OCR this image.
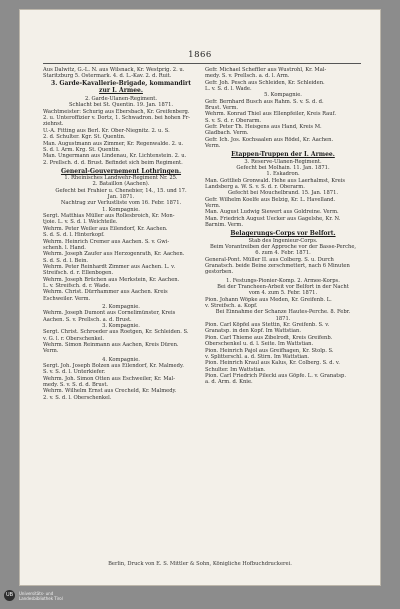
1866

Aus Dalwitz, G.-L. N. aus Wilsnack, Kr. Westprig. 2. u.

Staritzburg 5. Ostermark. 4. d. L.-Kav. 2. d. Ruit.

3. Garde-Kavallerie-Brigade, kommandirt

zur I. Armee.

2. Garde-Ulanen-Regiment.

Schlacht bei St. Quentin. 19. Jan. 1871.

Wachtmeister: Schurig aus Ebersbach, Kr. Greifenberg.

2. u. Unteroffizier v. Dortz, 1. Schwadron. bei hohen Fr-

ziehnst.

U.-A. Fitting aus Berl. Kr. Ober-Niegnitz. 2. u. S.

2. d. Schulter. Kgr. St. Quentin.

Man. Augustmann aus Zimmer, Kr. Regenwalde. 2. u.

S. d. l. Arm. Krg. St. Quentin.

Man. Ungermann aus Lindenau, Kr. Lichtenstein. 2. u.

2. Prellsch. d. d. Brust. Befindet sich beim Regiment.

General-Gouvernement Lothringen.

1. Rheinisches Landwehr-Regiment Nr. 25.

2. Bataillon (Aachen).

Gefecht bei Frahier u. Chenebier, 14., 15. und 17.

Jan. 1871.

Nachtrag zur Verlustliste vom 16. Febr. 1871.

1. Kompagnie.

Sergt. Matthias Müller aus Rollesbroich, Kr. Mon-

tjoie. L. v. S. d. l. Weichteile.

Wehrm. Peter Weiler aus Eilendorf, Kr. Aachen.

S. d. S. d. l. Hinterkopf.

Wehrm. Heinrich Cremer aus Aachen. S. v. Gwi-

schenh. l. Hand.

Wehrm. Joseph Zaufer aus Herzogenrath, Kr. Aachen.

S. d. S. d. l. Bein.

Wehrm. Peter Reinhardt Zimmer aus Aachen. L. v.

Streifsch. d. r. Ellenbogen.

Wehrm. Joseph Brüchen aus Merkstein, Kr. Aachen.

L. v. Streifsch. d. r. Wade.

Wehrm. Christ. Dürrhammer aus Aachen. Kreis

Eschweiler. Verm.

2. Kompagnie.

Wehrm. Joseph Dumont aus Cornelimünster, Kreis

Aachen. S. v. Prellsch. a. d. Brust.

3. Kompagnie.

Sergt. Christ. Schroeder aus Roetgen, Kr. Schleiden. S.

v. G. l. r. Oberschenkel.

Wehrm. Simon Reinmann aus Aachen, Kreis Düren.

Verm.

4. Kompagnie.

Sergt. Joh. Joseph Bolzen aus Eilendorf, Kr. Malmedy.

S. v. S. d. l. Unterkiefer.

Wehrm. Joh. Simon Otten aus Eschweiler, Kr. Mal-

medy. S. v. S. d. d. Brust.

Wehrm. Wilhelm Ernst aus Crecheld, Kr. Malmedy.

2. v. S. d. l. Oberschenkel.

Gefr. Michael Scheffler aus Wustrohl, Kr. Mal-

medy. S. v. Prellsch. a. d. l. Arm.

Gefr. Joh. Pesch aus Schleiden, Kr. Schleiden.

L. v. S. d. l. Wade.

5. Kompagnie.

Gefr. Bernhard Busch aus Rahm. S. v. S. d. d.

Brust. Verm.

Wehrm. Konrad Thiel aus Ellenpfeiler, Kreis Rauf.

S. v. S. d. r. Oberarm.

Gefr. Peter Th. Heisgens aus Hand, Kreis M.

Gladbach. Verm.

Gefr. Ich. Jos. Kochsaalen aus Rödel, Kr. Aachen.

Verm.

Etappen-Truppen der I. Armee.

3. Reserve-Ulanen-Regiment.

Gefecht bei Molhain. 11. Jan. 1871.

1. Eskadron.

Man. Gottlieb Gronwald. Hehe aus Laerhalmst, Kreis

Landsberg a. W. S. v. S. d. r. Oberarm.

Gefecht bei Mouchelbrand. 15. Jan. 1871.

Gefr. Wilhelm Koelfe aus Belzig, Kr. L. Havelland.

Verm.

Man. August Ludwig Siewert aus Goldreine. Verm.

Man. Friedrich August Uecker aus Gagelshe, Kr. N.

Barnim. Verm.

Belagerungs-Corps vor Belfort.

Stab des Ingenieur-Corps.

Beim Vorantreiben der Approche vor der Basse-Perche,

6. zum 4. Febr. 1871.

General-Pont. Müller II. aus Colberg. S. u. Durch

Granatsch. beide Beine zerschmettert, nach 6 Minuten

gestorben.

1. Festungs-Pionier-Komp. 2. Armee-Korps.

Bei der Trancheen-Arbeit vor Belfort in der Nacht

vom 4. zum 5. Febr. 1871.

Pion. Johann Wöpke aus Meden, Kr. Greifenb. L.

v. Streifsch. a. Kopf.

Bei Einnahme der Schanze Hautes-Perche. 8. Febr.

1871.

Pion. Carl Köpfel aus Stettin, Kr. Greifenb. S. v.

Granatsp. in den Kopf. Im Wattstian.

Pion. Carl Thieme aus Zibelrodt, Kreis Greifenb.

Oberschenkel u. d. l. Seite. Im Wattstian.

Pion. Heinrich Pajol aus Greifhagen, Kr. Stolp. S.

v. Splitterschl. a. d. Stirn. Im Wattstian.

Pion. Heinrich Kraul aus Kalus, Kr. Colberg. S. d. v.

Schulter. Im Wattstian.

Pion. Carl Friedrich Pilecki aus Göpfe. L. v. Granatsp.

a. d. Arm. d. Knie.

Berlin, Druck von E. S. Mittler & Sohn, Königliche Hofbuchdruckerei.
UB	Universitäts- und
Landesbibliothek Tirol
